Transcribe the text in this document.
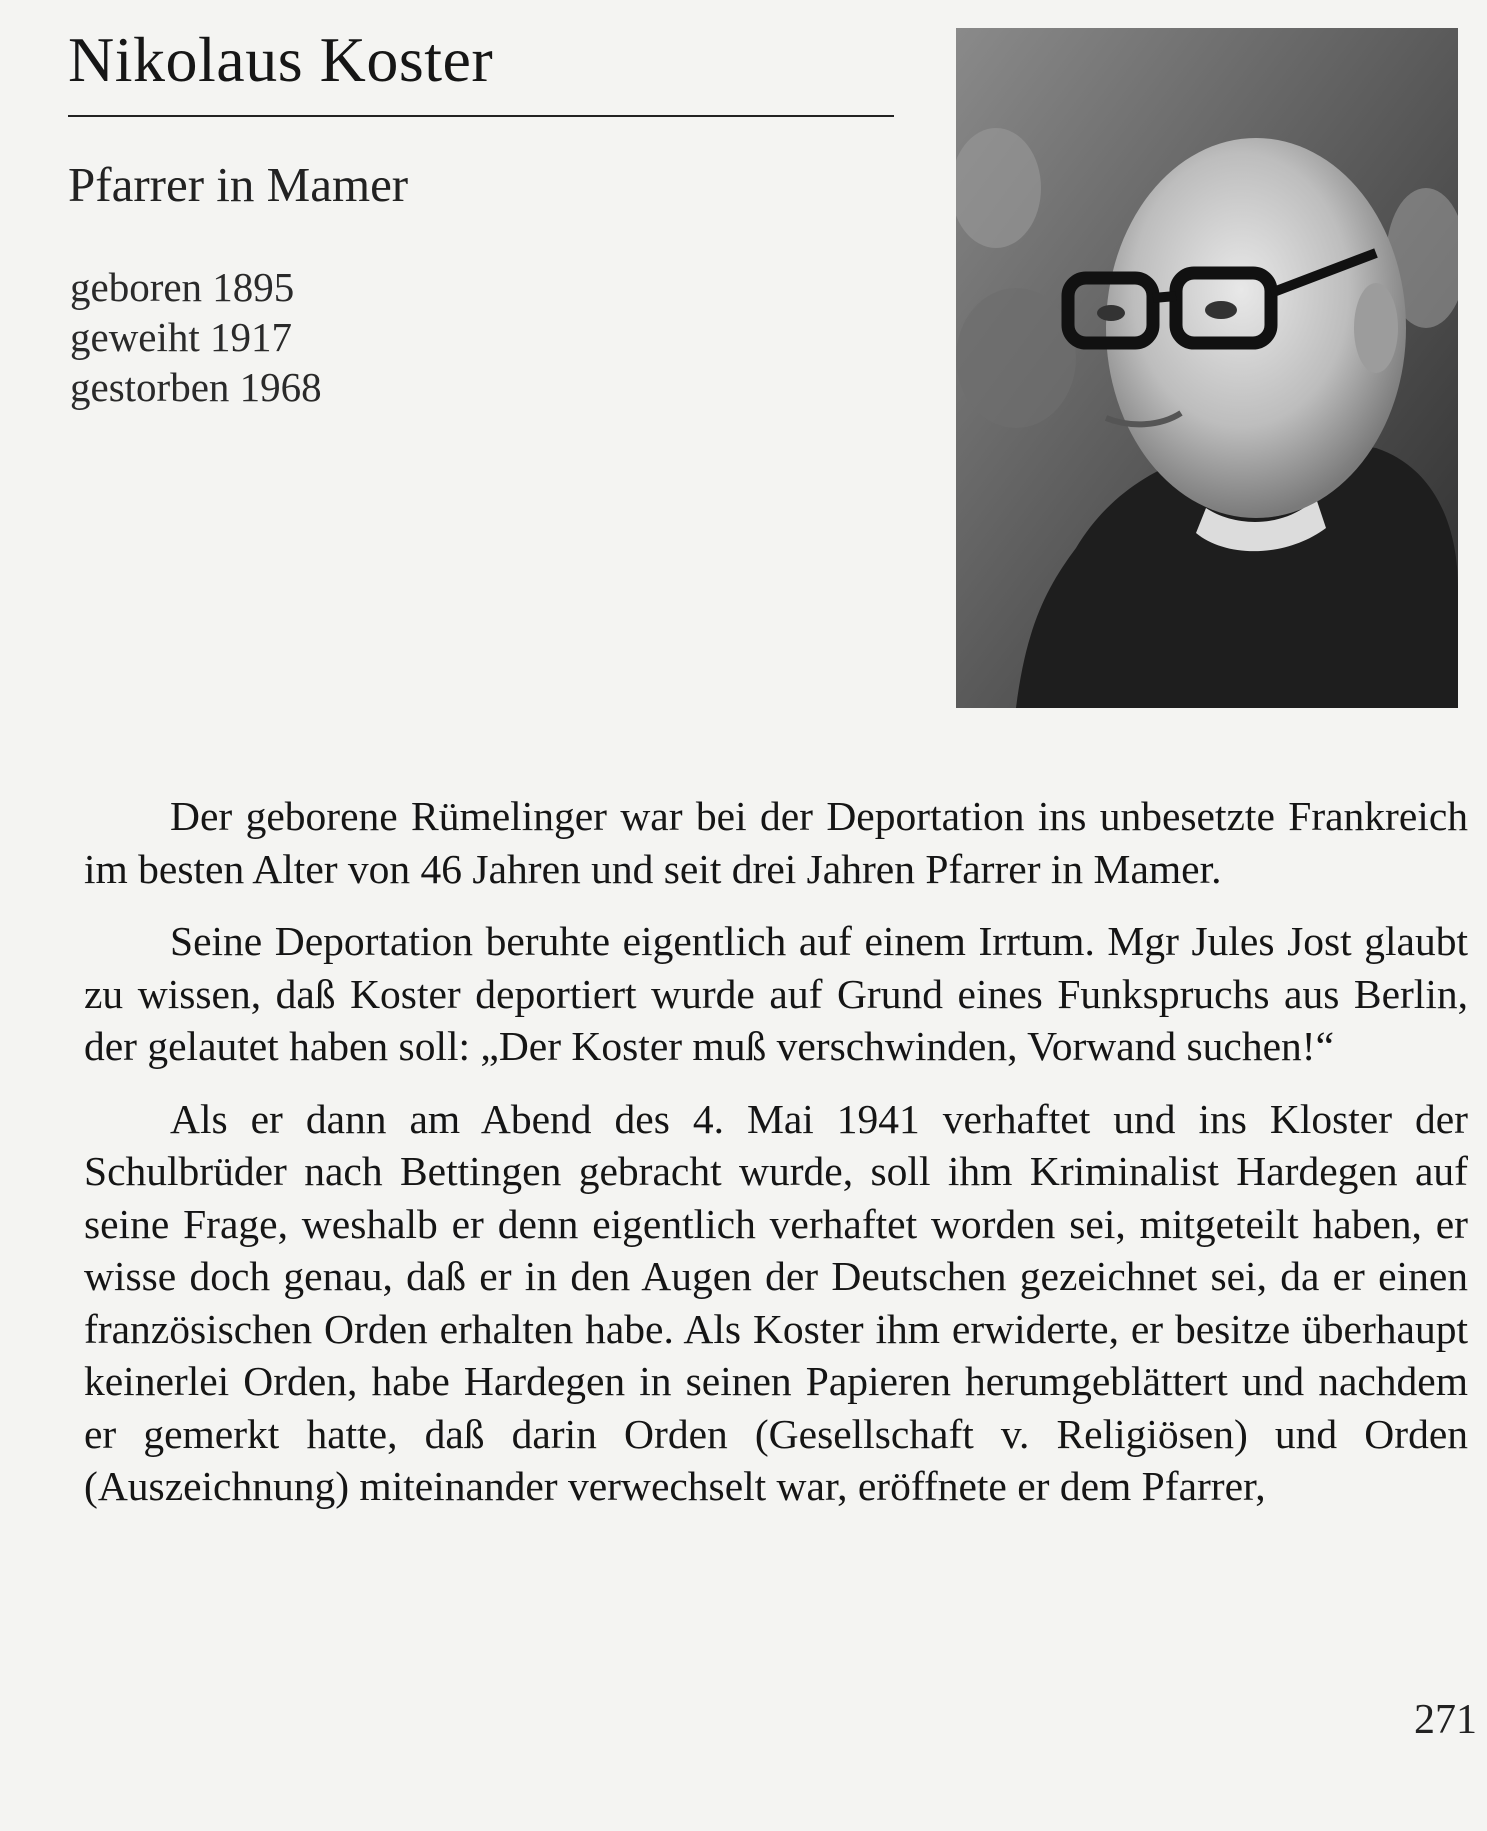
Nikolaus Koster
Pfarrer in Mamer
geboren 1895
geweiht 1917
gestorben 1968

Der geborene Rümelinger war bei der Deportation ins unbesetzte Frankreich im besten Alter von 46 Jahren und seit drei Jahren Pfarrer in Mamer.

Seine Deportation beruhte eigentlich auf einem Irrtum. Mgr Jules Jost glaubt zu wissen, daß Koster deportiert wurde auf Grund eines Funkspruchs aus Berlin, der gelautet haben soll: „Der Koster muß verschwinden, Vorwand suchen!“

Als er dann am Abend des 4. Mai 1941 verhaftet und ins Kloster der Schulbrüder nach Bettingen gebracht wurde, soll ihm Kriminalist Hardegen auf seine Frage, weshalb er denn eigentlich verhaftet worden sei, mitgeteilt haben, er wisse doch genau, daß er in den Augen der Deutschen gezeichnet sei, da er einen französischen Orden erhalten habe. Als Koster ihm erwiderte, er besitze überhaupt keinerlei Orden, habe Hardegen in seinen Papieren herumgeblättert und nachdem er gemerkt hatte, daß darin Orden (Gesellschaft v. Religiösen) und Orden (Auszeichnung) miteinander verwechselt war, eröffnete er dem Pfarrer,

271
